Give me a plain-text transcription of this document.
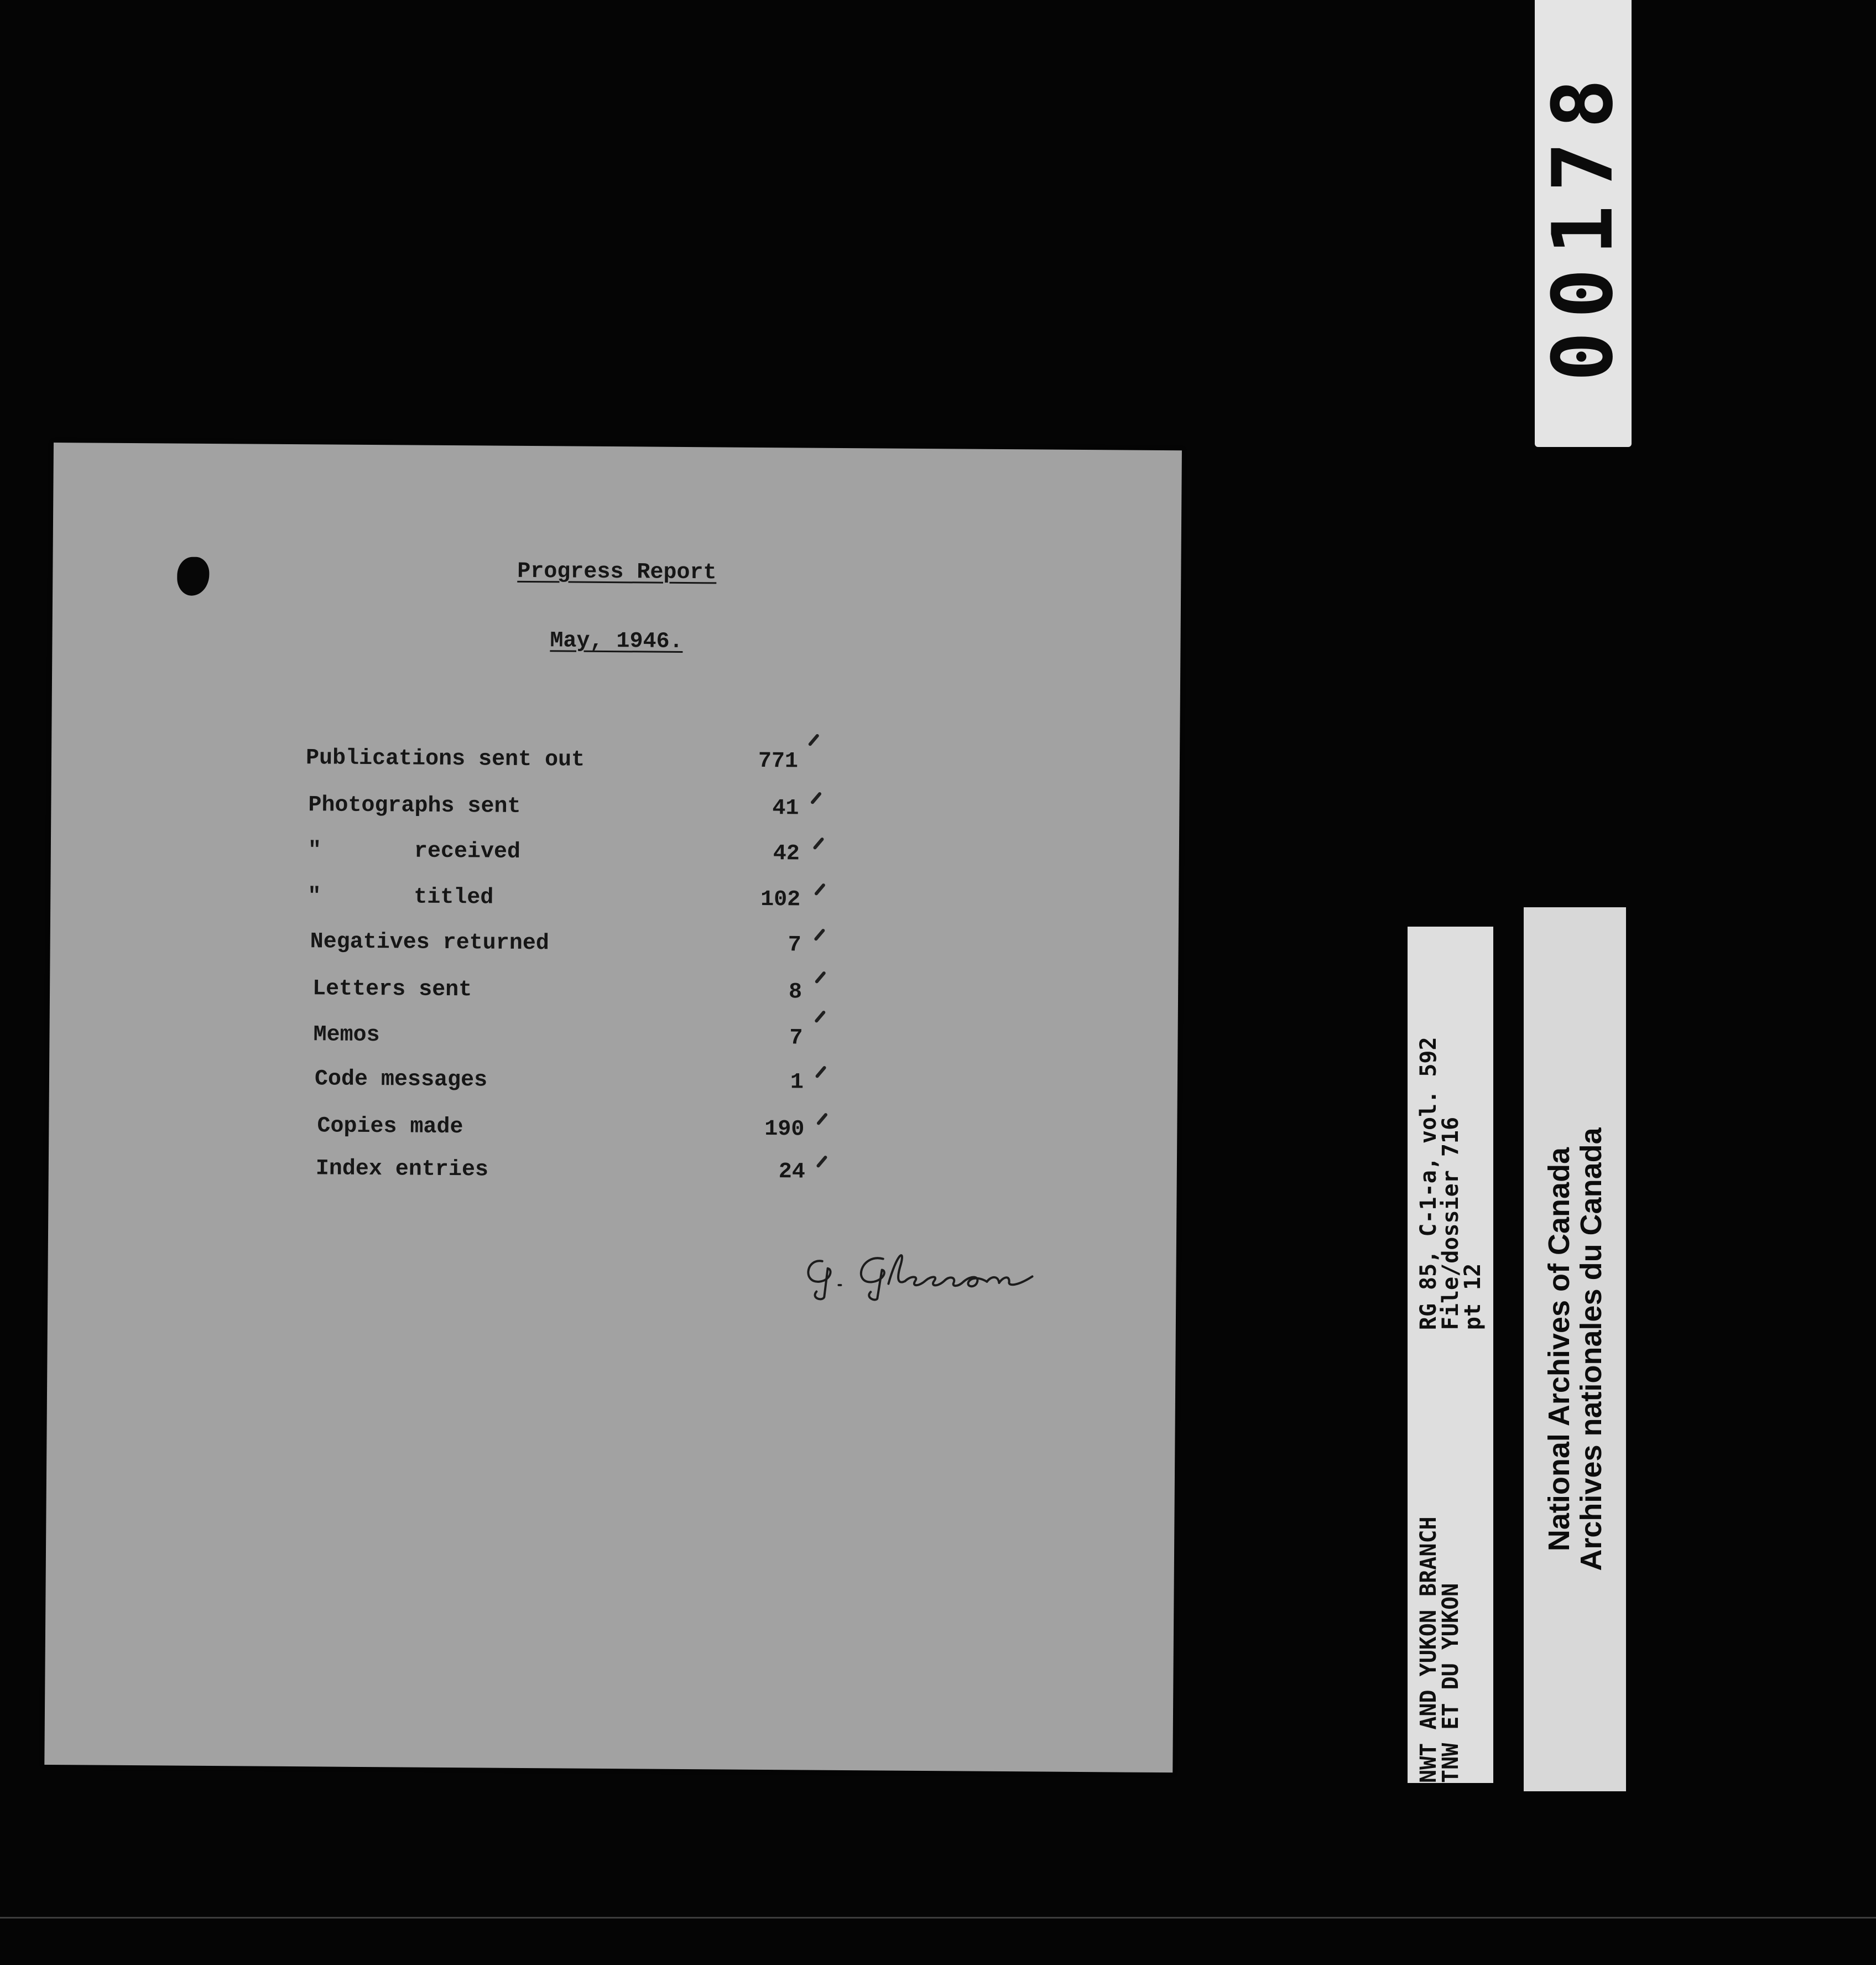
00178
Progress Report
May, 1946.
Publications sent out	771
Photographs sent	41
"       received	42
"       titled	102
Negatives returned	7
Letters sent	8
Memos	7
Code messages	1
Copies made	190
Index entries	24	NWT AND YUKON BRANCH              RG 85, C-1-a, vol. 592
TNW ET DU YUKON                   File/dossier 716
pt 12 National Archives of Canada
Archives nationales du Canada
